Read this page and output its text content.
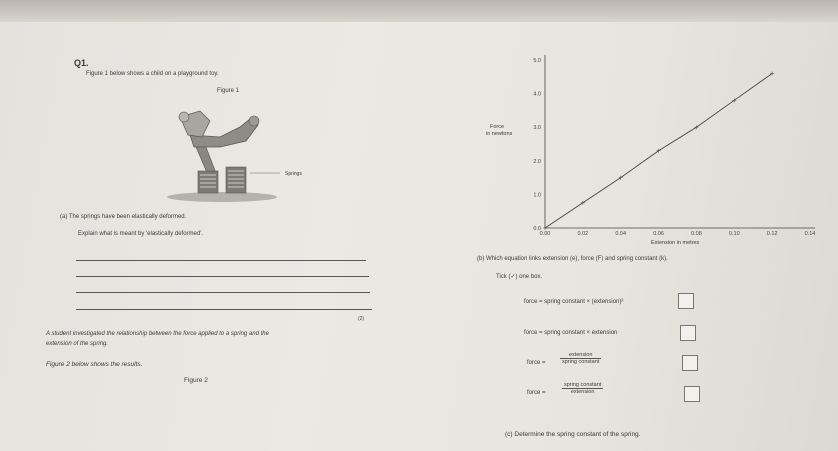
Q1.
Figure 1 below shows a child on a playground toy.
Figure 1
Springs
(a) The springs have been elastically deformed.
Explain what is meant by 'elastically deformed'.
(2)
A student investigated the relationship between the force applied to a spring and the
extension of the spring.
Figure 2 below shows the results.
Figure 2
0.00	0.02	0.04	0.06	0.08	0.10	0.12	0.14
0.0
1.0
2.0
3.0
4.0
5.0
Force
in newtons
Extension in metres
(b) Which equation links extension (e), force (F) and spring constant (k).
Tick (✓) one box.
force = spring constant × (extension)²
force = spring constant × extension
force =
extension
spring constant
force =
spring constant
extension
(c) Determine the spring constant of the spring.
